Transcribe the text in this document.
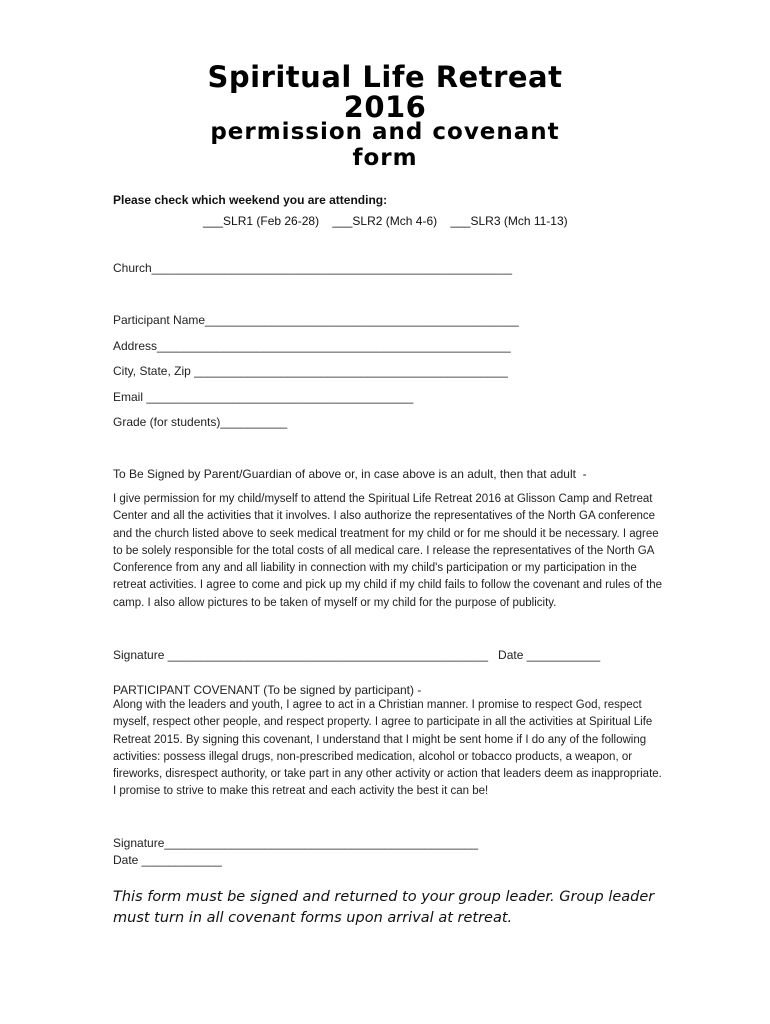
Spiritual Life Retreat
2016
permission and covenant
form
Please check which weekend you are attending:
___SLR1 (Feb 26-28)    ___SLR2 (Mch 4-6)    ___SLR3 (Mch 11-13)
Church______________________________________________________
Participant Name_______________________________________________
Address_____________________________________________________
City, State, Zip _______________________________________________
Email ________________________________________
Grade (for students)__________
To Be Signed by Parent/Guardian of above or, in case above is an adult, then that adult  -

I give permission for my child/myself to attend the Spiritual Life Retreat 2016 at Glisson Camp and Retreat Center and all the activities that it involves. I also authorize the representatives of the North GA conference and the church listed above to seek medical treatment for my child or for me should it be necessary. I agree to be solely responsible for the total costs of all medical care. I release the representatives of the North GA Conference from any and all liability in connection with my child's participation or my participation in the retreat activities. I agree to come and pick up my child if my child fails to follow the covenant and rules of the camp. I also allow pictures to be taken of myself or my child for the purpose of publicity.

Signature ________________________________________________   Date ___________
PARTICIPANT COVENANT (To be signed by participant) -

Along with the leaders and youth, I agree to act in a Christian manner. I promise to respect God, respect myself, respect other people, and respect property. I agree to participate in all the activities at Spiritual Life Retreat 2015. By signing this covenant, I understand that I might be sent home if I do any of the following activities: possess illegal drugs, non-prescribed medication, alcohol or tobacco products, a weapon, or fireworks, disrespect authority, or take part in any other activity or action that leaders deem as inappropriate. I promise to strive to make this retreat and each activity the best it can be!

Signature_______________________________________________
Date ____________

This form must be signed and returned to your group leader. Group leader must turn in all covenant forms upon arrival at retreat.
